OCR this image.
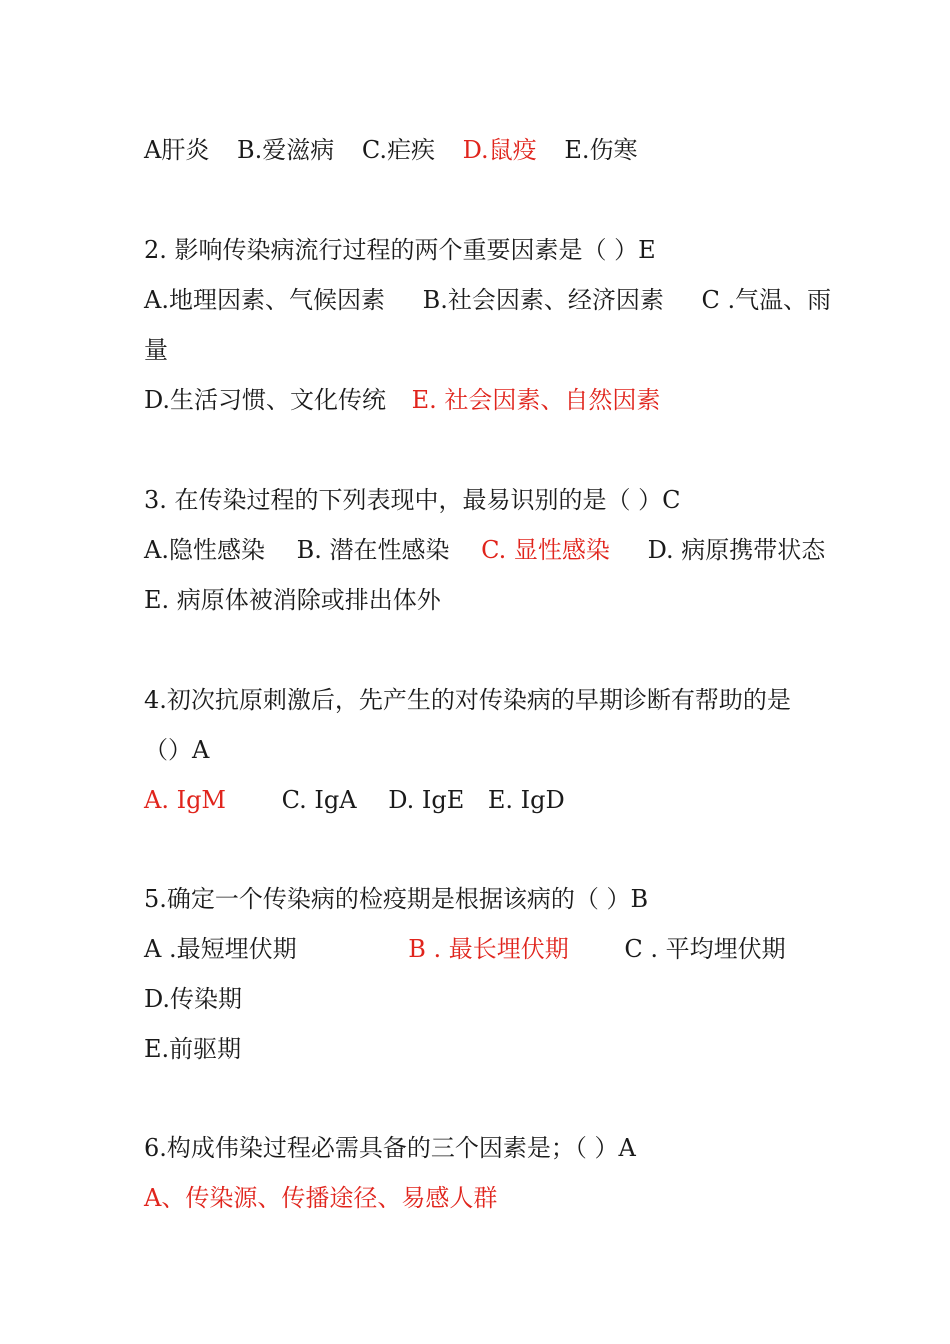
A肝炎 B.爱滋病 C.疟疾 D.鼠疫 E.伤寒
2. 影响传染病流行过程的两个重要因素是（ ）E
A.地理因素、气候因素 B.社会因素、经济因素 C .气温、雨
量
D.生活习惯、文化传统 E. 社会因素、自然因素
3. 在传染过程的下列表现中，最易识别的是（ ）C
A.隐性感染 B. 潜在性感染 C. 显性感染 D. 病原携带状态
E. 病原体被消除或排出体外
4.初次抗原刺激后，先产生的对传染病的早期诊断有帮助的是
（）A
A. IgM C. IgA D. IgE E. IgD
5.确定一个传染病的检疫期是根据该病的（ ）B
A .最短埋伏期	B . 最长埋伏期 C . 平均埋伏期
D.传染期
E.前驱期
6.构成伟染过程必需具备的三个因素是；（ ）A
A、传染源、传播途径、易感人群
